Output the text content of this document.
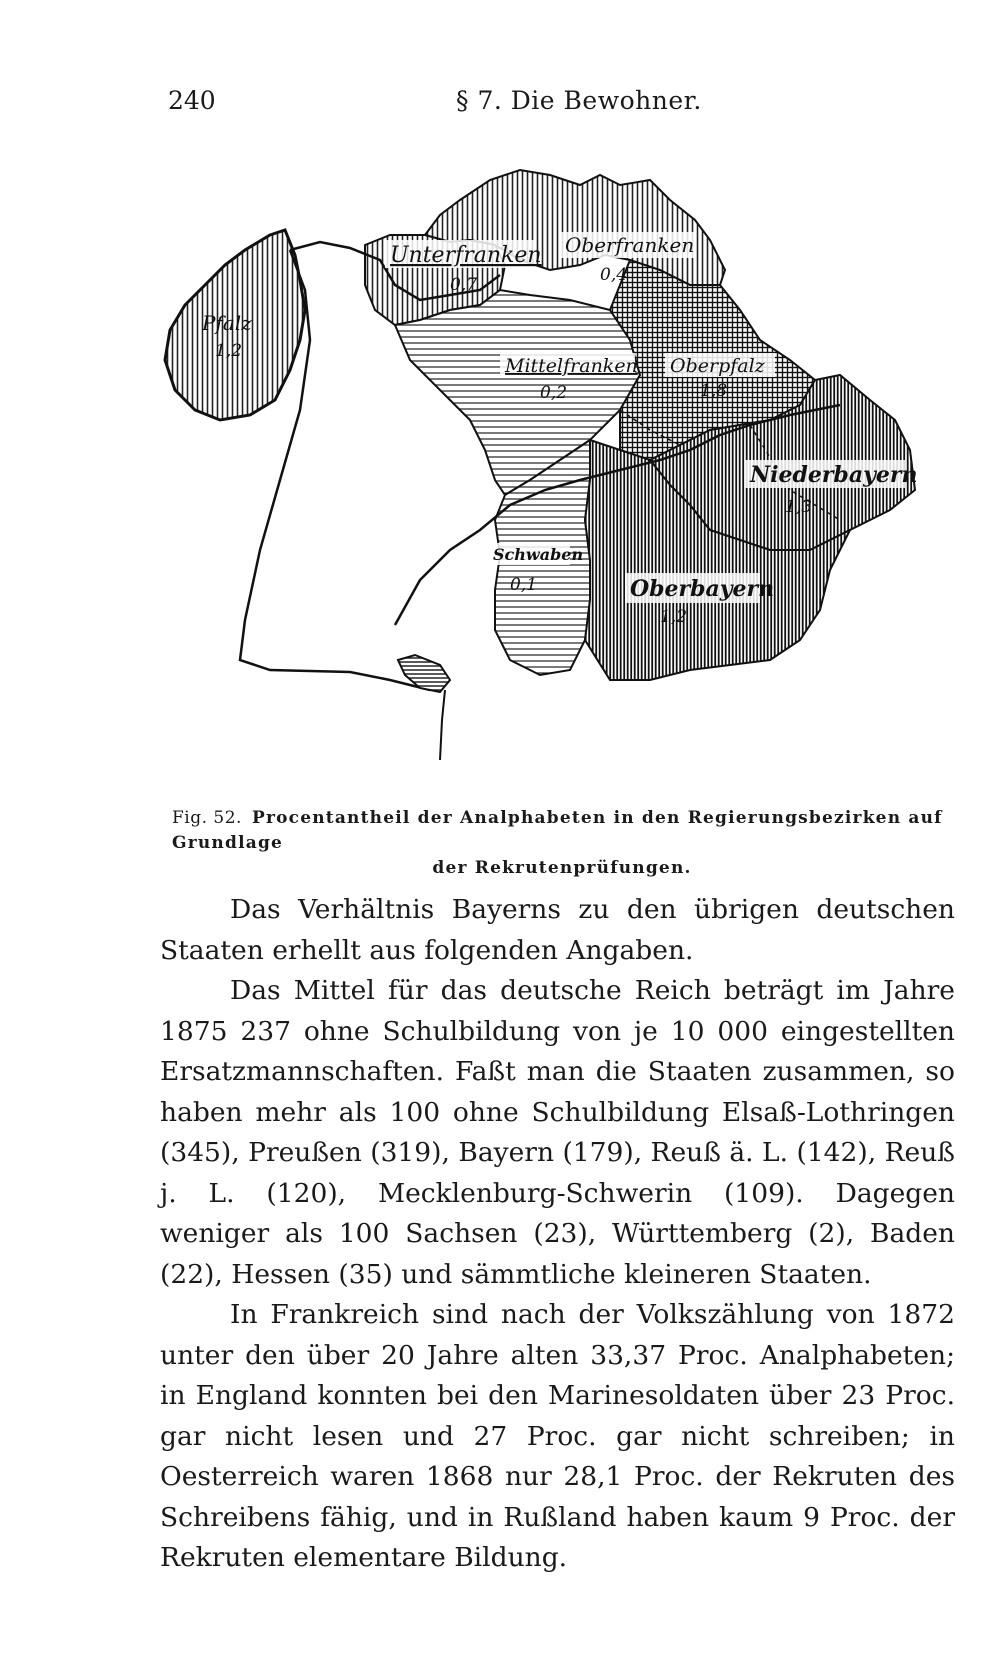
240	§ 7. Die Bewohner.
Pfalz
1,2
Unterfranken
0,7
Oberfranken
0,4
Mittelfranken
0,2
Oberpfalz
1,8
Niederbayern
1,3
Schwaben
0,1	Oberbayern
1,2
Fig. 52. Procentantheil der Analphabeten in den Regierungsbezirken auf Grundlage
der Rekrutenprüfungen.

Das Verhältnis Bayerns zu den übrigen deutschen Staaten erhellt aus folgenden Angaben.

Das Mittel für das deutsche Reich beträgt im Jahre 1875 237 ohne Schulbildung von je 10 000 eingestellten Ersatzmannschaften. Faßt man die Staaten zusammen, so haben mehr als 100 ohne Schulbildung Elsaß-Lothringen (345), Preußen (319), Bayern (179), Reuß ä. L. (142), Reuß j. L. (120), Mecklenburg-Schwerin (109). Dagegen weniger als 100 Sachsen (23), Württemberg (2), Baden (22), Hessen (35) und sämmtliche kleineren Staaten.

In Frankreich sind nach der Volkszählung von 1872 unter den über 20 Jahre alten 33,37 Proc. Analphabeten; in England konnten bei den Marinesoldaten über 23 Proc. gar nicht lesen und 27 Proc. gar nicht schreiben; in Oesterreich waren 1868 nur 28,1 Proc. der Rekruten des Schreibens fähig, und in Rußland haben kaum 9 Proc. der Rekruten elementare Bildung.
